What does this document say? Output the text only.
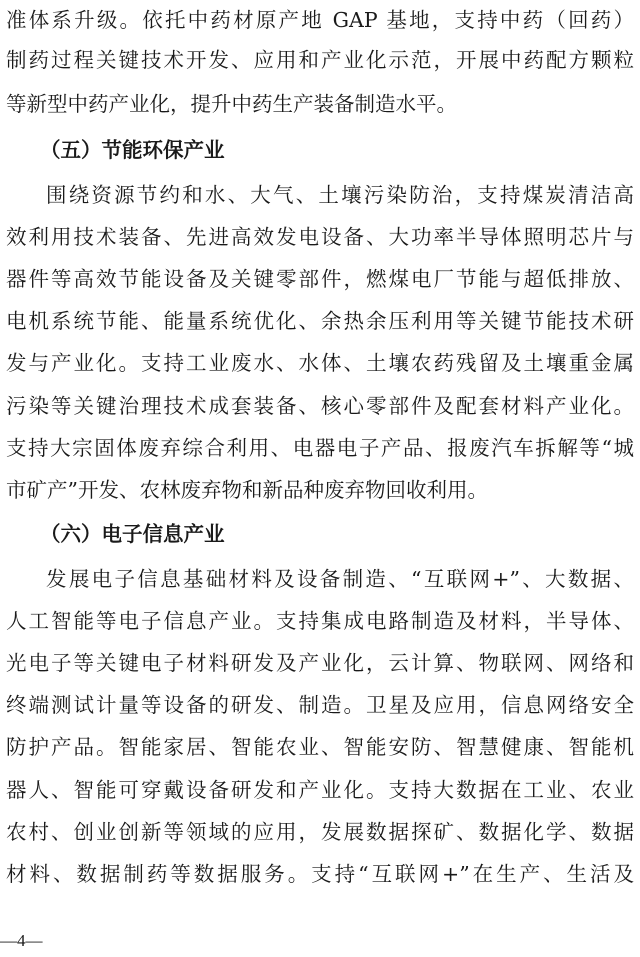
准体系升级。依托中药材原产地 GAP 基地，支持中药（回药）
制药过程关键技术开发、应用和产业化示范，开展中药配方颗粒
等新型中药产业化，提升中药生产装备制造水平。
（五）节能环保产业
围绕资源节约和水、大气、土壤污染防治，支持煤炭清洁高
效利用技术装备、先进高效发电设备、大功率半导体照明芯片与
器件等高效节能设备及关键零部件，燃煤电厂节能与超低排放、
电机系统节能、能量系统优化、余热余压利用等关键节能技术研
发与产业化。支持工业废水、水体、土壤农药残留及土壤重金属
污染等关键治理技术成套装备、核心零部件及配套材料产业化。
支持大宗固体废弃综合利用、电器电子产品、报废汽车拆解等“城
市矿产”开发、农林废弃物和新品种废弃物回收利用。
（六）电子信息产业
发展电子信息基础材料及设备制造、“互联网+”、大数据、
人工智能等电子信息产业。支持集成电路制造及材料，半导体、
光电子等关键电子材料研发及产业化，云计算、物联网、网络和
终端测试计量等设备的研发、制造。卫星及应用，信息网络安全
防护产品。智能家居、智能农业、智能安防、智慧健康、智能机
器人、智能可穿戴设备研发和产业化。支持大数据在工业、农业
农村、创业创新等领域的应用，发展数据探矿、数据化学、数据
材料、数据制药等数据服务。支持“互联网+”在生产、生活及
—4—
